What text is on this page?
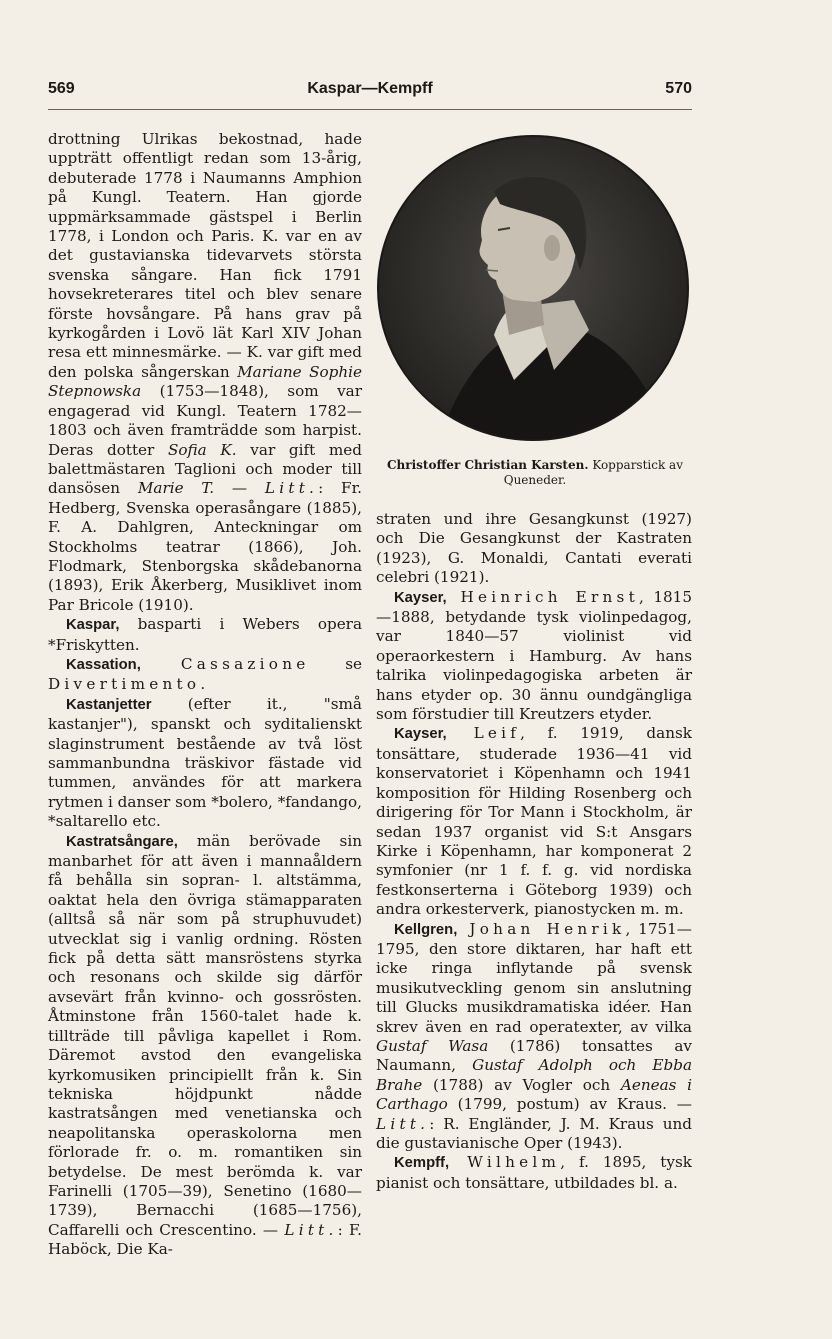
569	Kaspar—Kempff	570

drottning Ulrikas bekostnad, hade uppträtt offentligt redan som 13-årig, debuterade 1778 i Naumanns Amphion på Kungl. Teatern. Han gjorde uppmärksammade gästspel i Berlin 1778, i London och Paris. K. var en av det gustavianska tidevarvets största svenska sångare. Han fick 1791 hovsekreterares titel och blev senare förste hovsångare. På hans grav på kyrkogården i Lovö lät Karl XIV Johan resa ett minnesmärke. — K. var gift med den polska sångerskan Mariane Sophie Stepnowska (1753—1848), som var engagerad vid Kungl. Teatern 1782—1803 och även framträdde som harpist. Deras dotter Sofia K. var gift med balettmästaren Taglioni och moder till dansösen Marie T. — Litt.: Fr. Hedberg, Svenska operasångare (1885), F. A. Dahlgren, Anteckningar om Stockholms teatrar (1866), Joh. Flodmark, Stenborgska skådebanorna (1893), Erik Åkerberg, Musiklivet inom Par Bricole (1910).

Kaspar, basparti i Webers opera *Friskytten.

Kassation, Cassazione se Divertimento.

Kastanjetter (efter it., "små kastanjer"), spanskt och syditalienskt slaginstrument bestående av två löst sammanbundna träskivor fästade vid tummen, användes för att markera rytmen i danser som *bolero, *fandango, *saltarello etc.

Kastratsångare, män berövade sin manbarhet för att även i mannaåldern få behålla sin sopran- l. altstämma, oaktat hela den övriga stämapparaten (alltså så när som på struphuvudet) utvecklat sig i vanlig ordning. Rösten fick på detta sätt mansröstens styrka och resonans och skilde sig därför avsevärt från kvinno- och gossrösten. Åtminstone från 1560-talet hade k. tillträde till påvliga kapellet i Rom. Däremot avstod den evangeliska kyrkomusiken principiellt från k. Sin tekniska höjdpunkt nådde kastratsången med venetianska och neapolitanska operaskolorna men förlorade fr. o. m. romantiken sin betydelse. De mest berömda k. var Farinelli (1705—39), Senetino (1680—1739), Bernacchi (1685—1756), Caffarelli och Crescentino. — Litt.: F. Haböck, Die Ka-

Christoffer Christian Karsten. Kopparstick av Queneder.

straten und ihre Gesangkunst (1927) och Die Gesangkunst der Kastraten (1923), G. Monaldi, Cantati everati celebri (1921).

Kayser, Heinrich Ernst, 1815—1888, betydande tysk violinpedagog, var 1840—57 violinist vid operaorkestern i Hamburg. Av hans talrika violinpedagogiska arbeten är hans etyder op. 30 ännu oundgängliga som förstudier till Kreutzers etyder.

Kayser, Leif, f. 1919, dansk tonsättare, studerade 1936—41 vid konservatoriet i Köpenhamn och 1941 komposition för Hilding Rosenberg och dirigering för Tor Mann i Stockholm, är sedan 1937 organist vid S:t Ansgars Kirke i Köpenhamn, har komponerat 2 symfonier (nr 1 f. f. g. vid nordiska festkonserterna i Göteborg 1939) och andra orkesterverk, pianostycken m. m.

Kellgren, Johan Henrik, 1751—1795, den store diktaren, har haft ett icke ringa inflytande på svensk musikutveckling genom sin anslutning till Glucks musikdramatiska idéer. Han skrev även en rad operatexter, av vilka Gustaf Wasa (1786) tonsattes av Naumann, Gustaf Adolph och Ebba Brahe (1788) av Vogler och Aeneas i Carthago (1799, postum) av Kraus. — Litt.: R. Engländer, J. M. Kraus und die gustavianische Oper (1943).

Kempff, Wilhelm, f. 1895, tysk pianist och tonsättare, utbildades bl. a.
